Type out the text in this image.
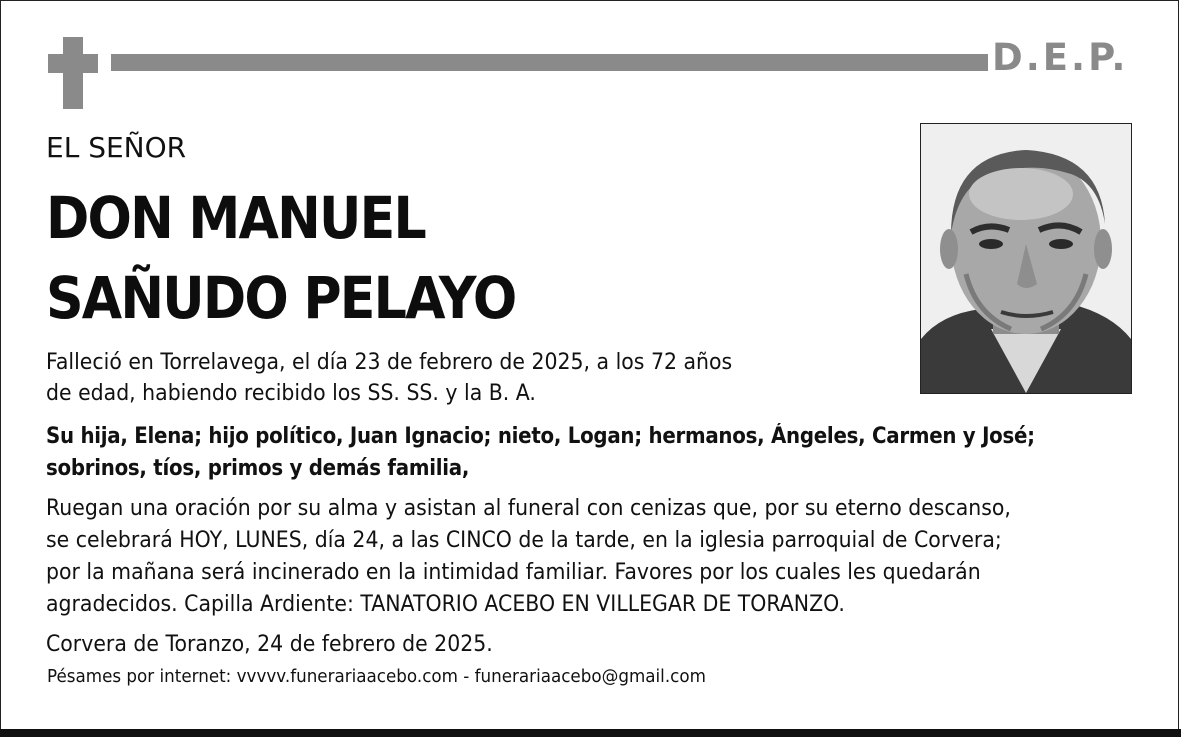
D.E.P.
EL SEÑOR
DON MANUEL
SAÑUDO PELAYO
Falleció en Torrelavega, el día 23 de febrero de 2025, a los 72 años
de edad, habiendo recibido los SS. SS. y la B. A.
Su hija, Elena; hijo político, Juan Ignacio; nieto, Logan; hermanos, Ángeles, Carmen y José;
sobrinos, tíos, primos y demás familia,
Ruegan una oración por su alma y asistan al funeral con cenizas que, por su eterno descanso,
se celebrará HOY, LUNES, día 24, a las CINCO de la tarde, en la iglesia parroquial de Corvera;
por la mañana será incinerado en la intimidad familiar. Favores por los cuales les quedarán
agradecidos. Capilla Ardiente: TANATORIO ACEBO EN VILLEGAR DE TORANZO.
Corvera de Toranzo, 24 de febrero de 2025.
Pésames por internet: vvvvv.funerariaacebo.com - funerariaacebo@gmail.com
